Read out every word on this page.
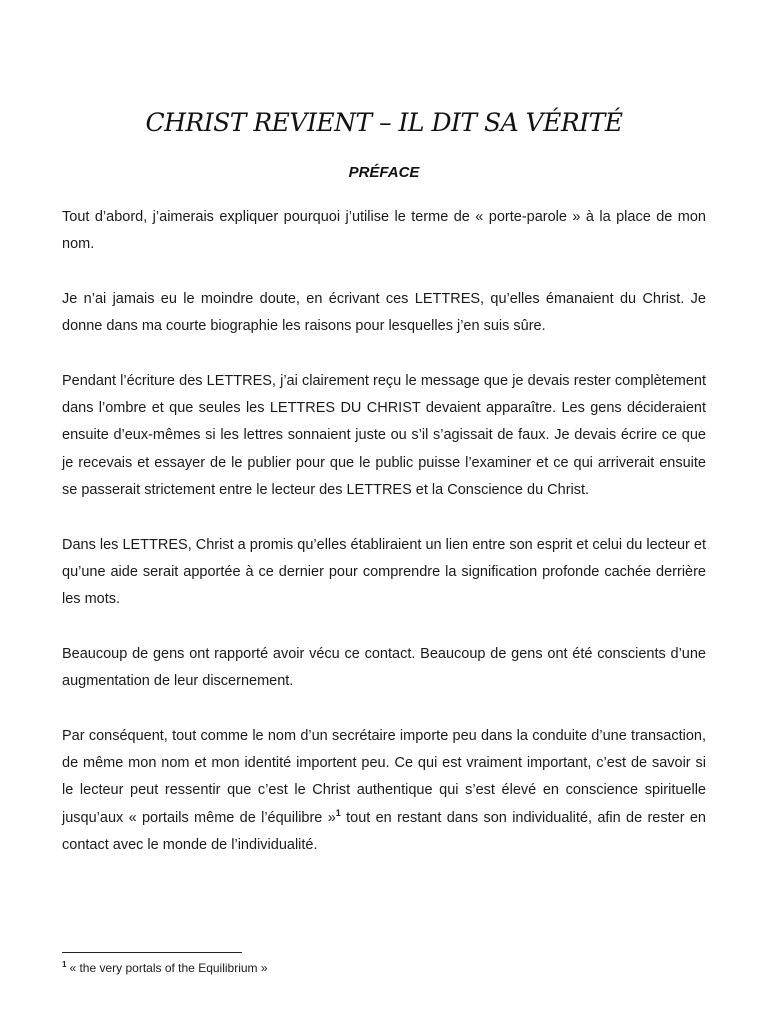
CHRIST REVIENT – IL DIT SA VÉRITÉ
PRÉFACE

Tout d’abord, j’aimerais expliquer pourquoi j’utilise le terme de « porte-parole » à la place de mon nom.

Je n’ai jamais eu le moindre doute, en écrivant ces LETTRES, qu’elles émanaient du Christ. Je donne dans ma courte biographie les raisons pour lesquelles j’en suis sûre.

Pendant l’écriture des LETTRES, j’ai clairement reçu le message que je devais rester complètement dans l’ombre et que seules les LETTRES DU CHRIST devaient apparaître. Les gens décideraient ensuite d’eux-mêmes si les lettres sonnaient juste ou s’il s’agissait de faux. Je devais écrire ce que je recevais et essayer de le publier pour que le public puisse l’examiner et ce qui arriverait ensuite se passerait strictement entre le lecteur des LETTRES et la Conscience du Christ.

Dans les LETTRES, Christ a promis qu’elles établiraient un lien entre son esprit et celui du lecteur et qu’une aide serait apportée à ce dernier pour comprendre la signification profonde cachée derrière les mots.

Beaucoup de gens ont rapporté avoir vécu ce contact. Beaucoup de gens ont été conscients d’une augmentation de leur discernement.

Par conséquent, tout comme le nom d’un secrétaire importe peu dans la conduite d’une transaction, de même mon nom et mon identité importent peu. Ce qui est vraiment important, c’est de savoir si le lecteur peut ressentir que c’est le Christ authentique qui s’est élevé en conscience spirituelle jusqu’aux « portails même de l’équilibre »$^1$ tout en restant dans son individualité, afin de rester en contact avec le monde de l’individualité.

$^1$ « the very portals of the Equilibrium »
